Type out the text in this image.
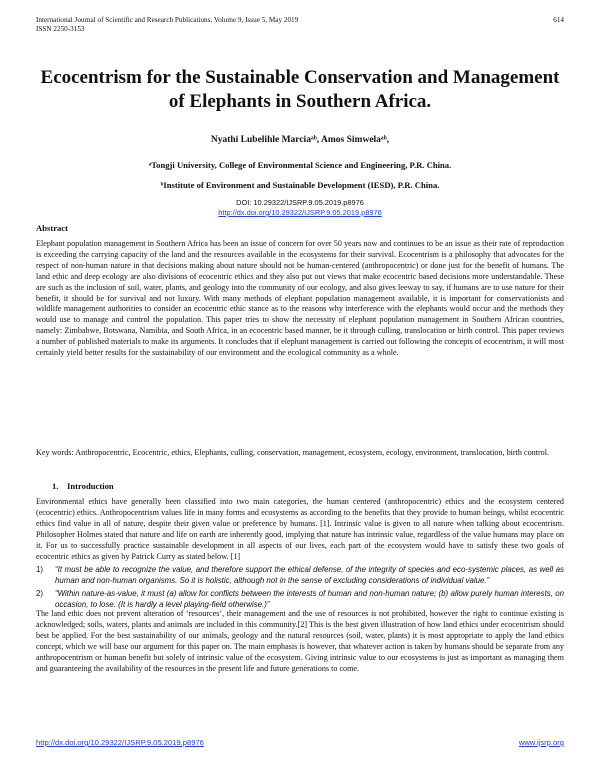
International Journal of Scientific and Research Publications, Volume 9, Issue 5, May 2019
ISSN 2250-3153
614
Ecocentrism for the Sustainable Conservation and Management of Elephants in Southern Africa.
Nyathi Lubelihle Marciaᵃᵇ, Amos Simwelaᵃᵇ,
ᵃTongji University, College of Environmental Science and Engineering, P.R. China.
ᵇInstitute of Environment and Sustainable Development (IESD), P.R. China.
DOI: 10.29322/IJSRP.9.05.2019.p8976
http://dx.doi.org/10.29322/IJSRP.9.05.2019.p8976
Abstract
Elephant population management in Southern Africa has been an issue of concern for over 50 years now and continues to be an issue as their rate of reproduction is exceeding the carrying capacity of the land and the resources available in the ecosystems for their survival. Ecocentrism is a philosophy that advocates for the respect of non-human nature in that decisions making about nature should not be human-centered (anthropocentric) or done just for the benefit of humans. The land ethic and deep ecology are also divisions of ecocentric ethics and they also put out views that make ecocentric based decisions more understandable. These are such as the inclusion of soil, water, plants, and geology into the community of our ecology, and also gives leeway to say, if humans are to use nature for their benefit, it should be for survival and not luxury. With many methods of elephant population management available, it is important for conservationists and wildlife management authorities to consider an ecocentric ethic stance as to the reasons why interference with the elephants would occur and the methods they would use to manage and control the population. This paper tries to show the necessity of elephant population management in Southern African countries, namely: Zimbabwe, Botswana, Namibia, and South Africa, in an ecocentric based manner, be it through culling, translocation or birth control. This paper reviews a number of published materials to make its arguments. It concludes that if elephant management is carried out following the concepts of ecocentrism, it will most certainly yield better results for the sustainability of our environment and the ecological community as a whole.
Key words: Anthropocentric, Ecocentric, ethics, Elephants, culling, conservation, management, ecosystem, ecology, environment, translocation, birth control.
1. Introduction
Environmental ethics have generally been classified into two main categories, the human centered (anthropocentric) ethics and the ecosystem centered (ecocentric) ethics. Anthropocentrism values life in many forms and ecosystems as according to the benefits that they provide to human beings, whilst ecocentric ethics find value in all of nature, despite their given value or preference by humans. [1]. Intrinsic value is given to all nature when talking about ecocentrism. Philosopher Holmes stated that nature and life on earth are inherently good, implying that nature has intrinsic value, regardless of the value humans may place on it. For us to successfully practice sustainable development in all aspects of our lives, each part of the ecosystem would have to satisfy these two goals of ecocentric ethics as given by Patrick Curry as stated below. [1]
1) “It must be able to recognize the value, and therefore support the ethical defense, of the integrity of species and eco-systemic places, as well as human and non-human organisms. So it is holistic, although not in the sense of excluding considerations of individual value.”
2) “Within nature-as-value, it must (a) allow for conflicts between the interests of human and non-human nature; (b) allow purely human interests, on occasion, to lose. (It is hardly a level playing-field otherwise.)”
The land ethic does not prevent alteration of ‘resources’, their management and the use of resources is not prohibited, however the right to continue existing is acknowledged; soils, waters, plants and animals are included in this community.[2] This is the best given illustration of how land ethics under ecocentrism should best be applied. For the best sustainability of our animals, geology and the natural resources (soil, water, plants) it is most appropriate to apply the land ethics concept, which we will base our argument for this paper on. The main emphasis is however, that whatever action is taken by humans should be separate from any anthropocentrism or human benefit but solely of intrinsic value of the ecosystem. Giving intrinsic value to our ecosystems is just as important as managing them and guaranteeing the availability of the resources in the present life and future generations to come.
http://dx.doi.org/10.29322/IJSRP.9.05.2019.p8976	www.ijsrp.org
